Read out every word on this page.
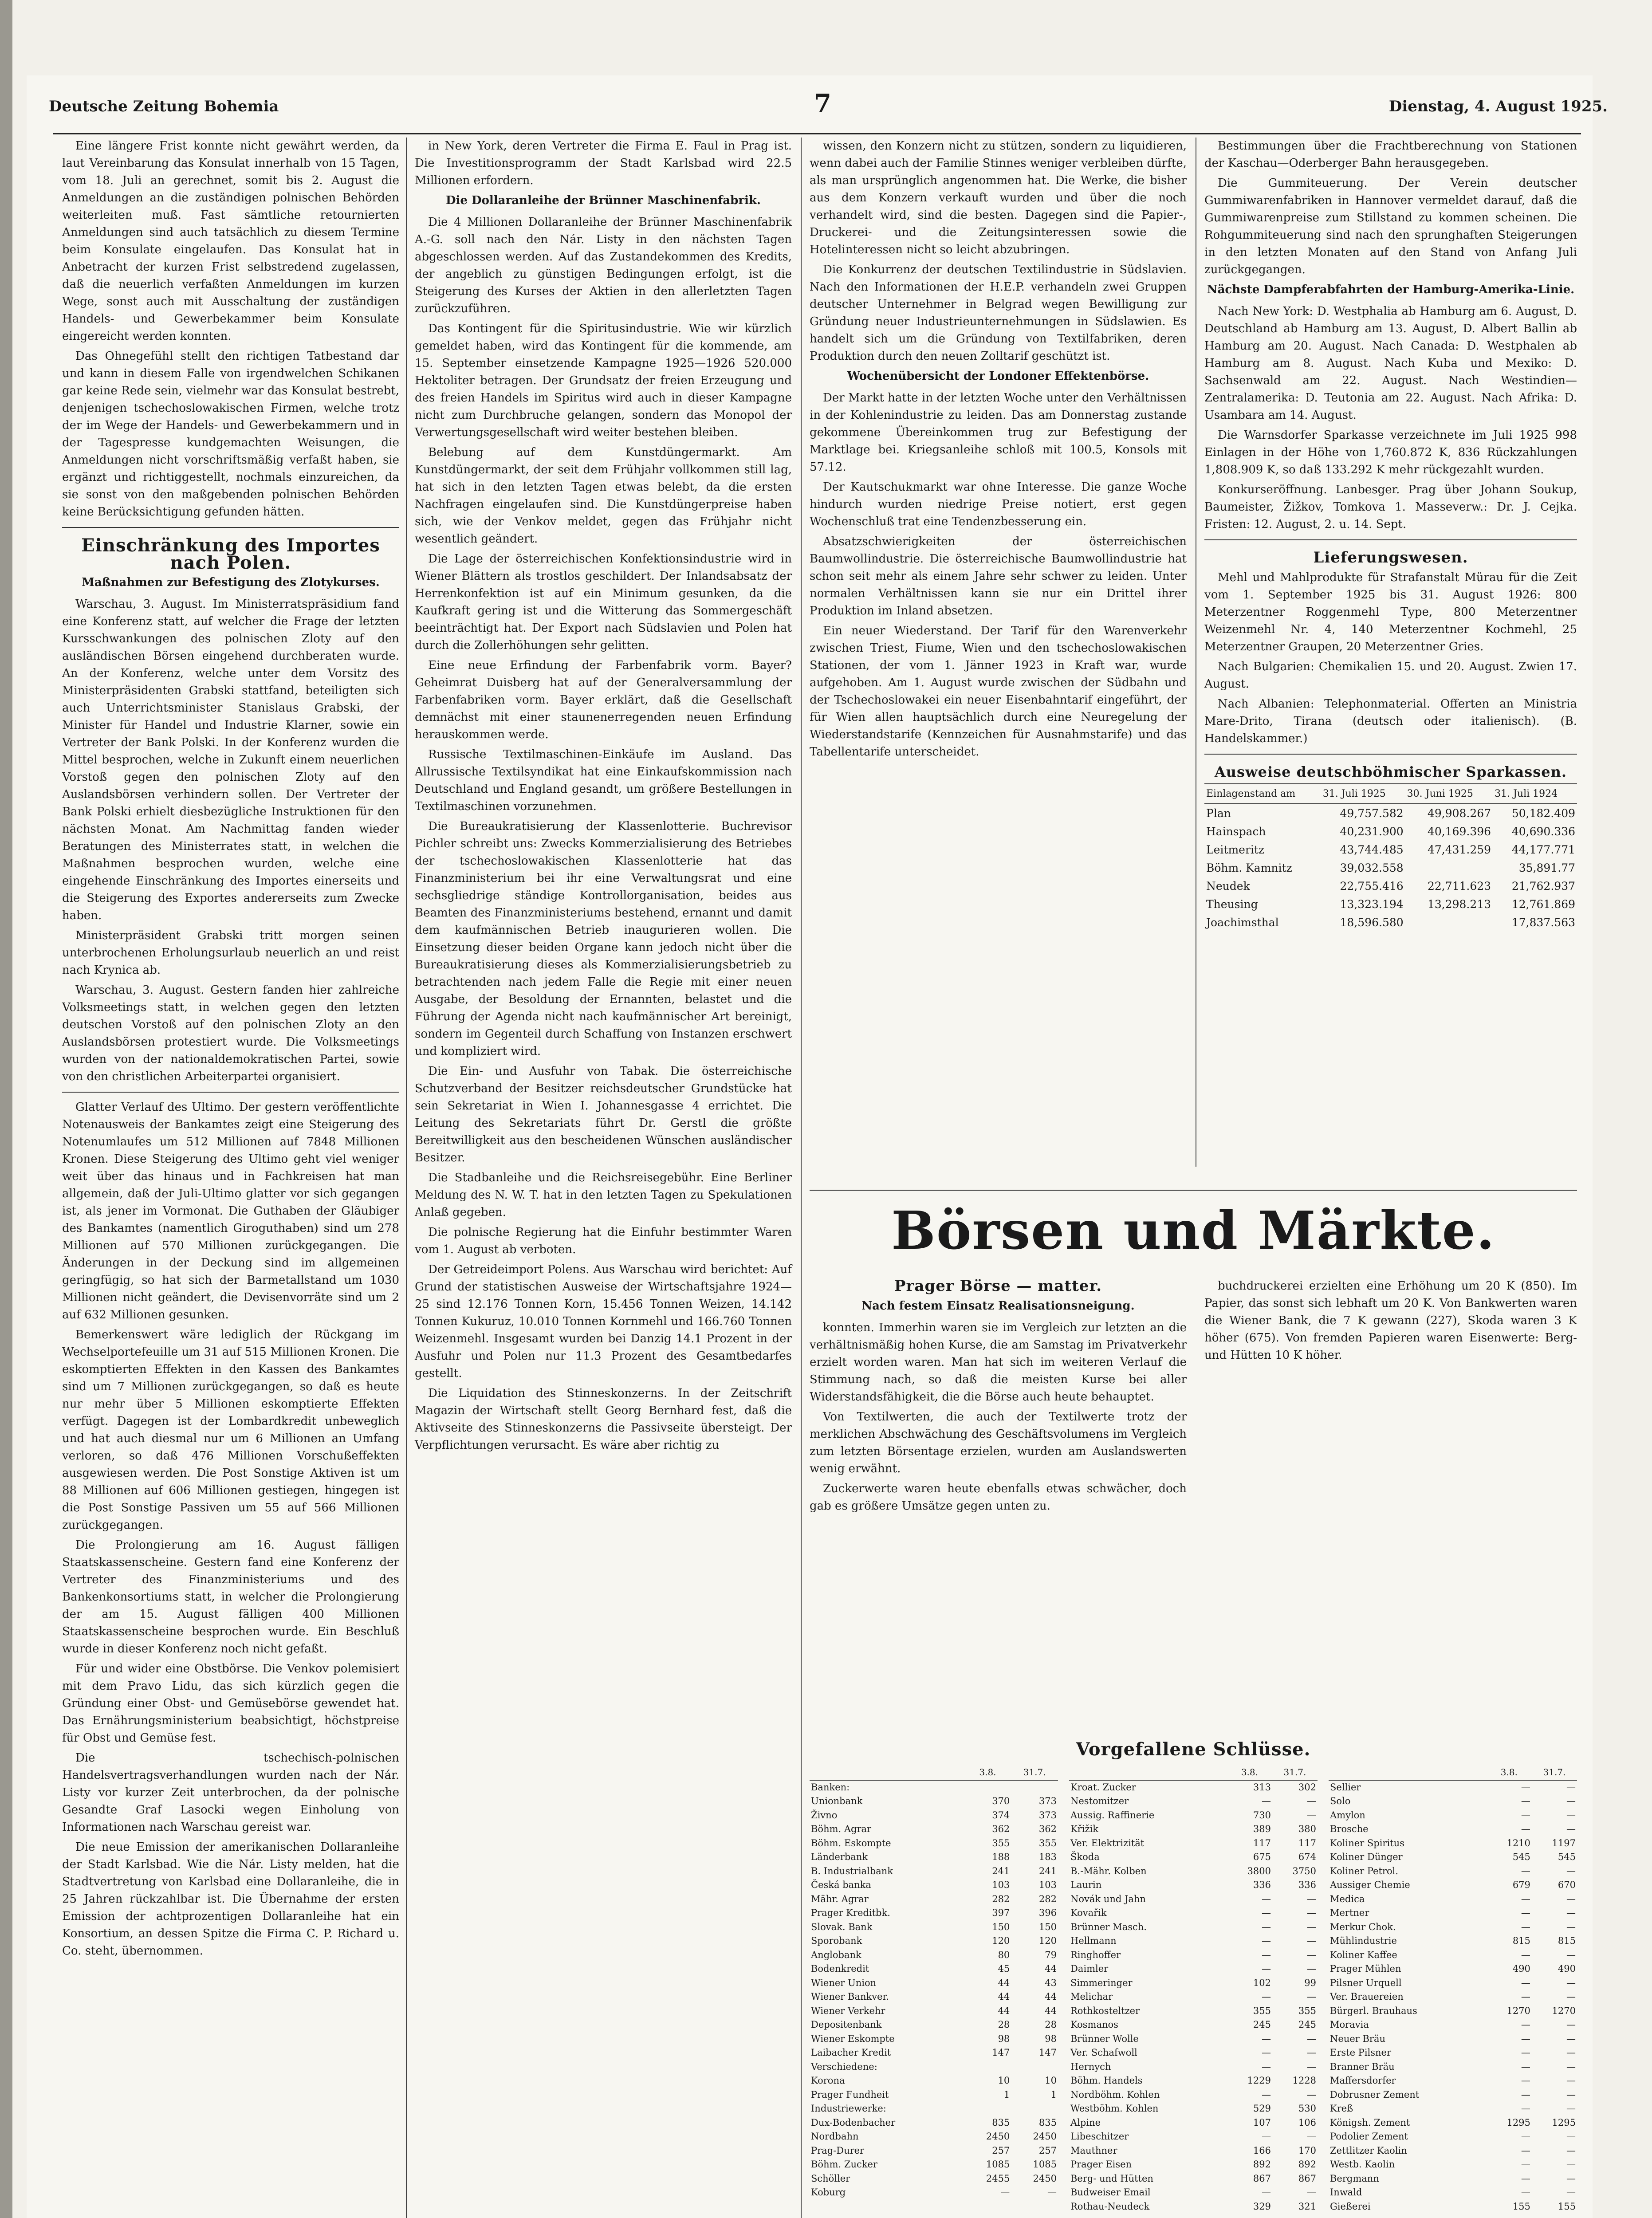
Deutsche Zeitung Bohemia	7	Dienstag, 4. August 1925.

Eine längere Frist konnte nicht gewährt werden, da laut Vereinbarung das Konsulat innerhalb von 15 Tagen, vom 18. Juli an gerechnet, somit bis 2. August die Anmeldungen an die zuständigen polnischen Behörden weiterleiten muß. Fast sämtliche retournierten Anmeldungen sind auch tatsächlich zu diesem Termine beim Konsulate eingelaufen. Das Konsulat hat in Anbetracht der kurzen Frist selbstredend zugelassen, daß die neuerlich verfaßten Anmeldungen im kurzen Wege, sonst auch mit Ausschaltung der zuständigen Handels- und Gewerbekammer beim Konsulate eingereicht werden konnten.

Das Ohnegefühl stellt den richtigen Tatbestand dar und kann in diesem Falle von irgendwelchen Schikanen gar keine Rede sein, vielmehr war das Konsulat bestrebt, denjenigen tschechoslowakischen Firmen, welche trotz der im Wege der Handels- und Gewerbekammern und in der Tagespresse kundgemachten Weisungen, die Anmeldungen nicht vorschriftsmäßig verfaßt haben, sie ergänzt und richtiggestellt, nochmals einzureichen, da sie sonst von den maßgebenden polnischen Behörden keine Berücksichtigung gefunden hätten.

Einschränkung des Importes nach Polen.
Maßnahmen zur Befestigung des Zlotykurses.

Warschau, 3. August. Im Ministerratspräsidium fand eine Konferenz statt, auf welcher die Frage der letzten Kursschwankungen des polnischen Zloty auf den ausländischen Börsen eingehend durchberaten wurde. An der Konferenz, welche unter dem Vorsitz des Ministerpräsidenten Grabski stattfand, beteiligten sich auch Unterrichtsminister Stanislaus Grabski, der Minister für Handel und Industrie Klarner, sowie ein Vertreter der Bank Polski. In der Konferenz wurden die Mittel besprochen, welche in Zukunft einem neuerlichen Vorstoß gegen den polnischen Zloty auf den Auslandsbörsen verhindern sollen. Der Vertreter der Bank Polski erhielt diesbezügliche Instruktionen für den nächsten Monat. Am Nachmittag fanden wieder Beratungen des Ministerrates statt, in welchen die Maßnahmen besprochen wurden, welche eine eingehende Einschränkung des Importes einerseits und die Steigerung des Exportes andererseits zum Zwecke haben.

Ministerpräsident Grabski tritt morgen seinen unterbrochenen Erholungsurlaub neuerlich an und reist nach Krynica ab.

Warschau, 3. August. Gestern fanden hier zahlreiche Volksmeetings statt, in welchen gegen den letzten deutschen Vorstoß auf den polnischen Zloty an den Auslandsbörsen protestiert wurde. Die Volksmeetings wurden von der nationaldemokratischen Partei, sowie von den christlichen Arbeiterpartei organisiert.

Glatter Verlauf des Ultimo. Der gestern veröffentlichte Notenausweis der Bankamtes zeigt eine Steigerung des Notenumlaufes um 512 Millionen auf 7848 Millionen Kronen. Diese Steigerung des Ultimo geht viel weniger weit über das hinaus und in Fachkreisen hat man allgemein, daß der Juli-Ultimo glatter vor sich gegangen ist, als jener im Vormonat. Die Guthaben der Gläubiger des Bankamtes (namentlich Giroguthaben) sind um 278 Millionen auf 570 Millionen zurückgegangen. Die Änderungen in der Deckung sind im allgemeinen geringfügig, so hat sich der Barmetallstand um 1030 Millionen nicht geändert, die Devisenvorräte sind um 2 auf 632 Millionen gesunken.

Bemerkenswert wäre lediglich der Rückgang im Wechselportefeuille um 31 auf 515 Millionen Kronen. Die eskomptierten Effekten in den Kassen des Bankamtes sind um 7 Millionen zurückgegangen, so daß es heute nur mehr über 5 Millionen eskomptierte Effekten verfügt. Dagegen ist der Lombardkredit unbeweglich und hat auch diesmal nur um 6 Millionen an Umfang verloren, so daß 476 Millionen Vorschußeffekten ausgewiesen werden. Die Post Sonstige Aktiven ist um 88 Millionen auf 606 Millionen gestiegen, hingegen ist die Post Sonstige Passiven um 55 auf 566 Millionen zurückgegangen.

Die Prolongierung am 16. August fälligen Staatskassenscheine. Gestern fand eine Konferenz der Vertreter des Finanzministeriums und des Bankenkonsortiums statt, in welcher die Prolongierung der am 15. August fälligen 400 Millionen Staatskassenscheine besprochen wurde. Ein Beschluß wurde in dieser Konferenz noch nicht gefaßt.

Für und wider eine Obstbörse. Die Venkov polemisiert mit dem Pravo Lidu, das sich kürzlich gegen die Gründung einer Obst- und Gemüsebörse gewendet hat. Das Ernährungsministerium beabsichtigt, höchstpreise für Obst und Gemüse fest.

Die tschechisch-polnischen Handelsvertragsverhandlungen wurden nach der Nár. Listy vor kurzer Zeit unterbrochen, da der polnische Gesandte Graf Lasocki wegen Einholung von Informationen nach Warschau gereist war.

Die neue Emission der amerikanischen Dollaranleihe der Stadt Karlsbad. Wie die Nár. Listy melden, hat die Stadtvertretung von Karlsbad eine Dollaranleihe, die in 25 Jahren rückzahlbar ist. Die Übernahme der ersten Emission der achtprozentigen Dollaranleihe hat ein Konsortium, an dessen Spitze die Firma C. P. Richard u. Co. steht, übernommen.

in New York, deren Vertreter die Firma E. Faul in Prag ist. Die Investitionsprogramm der Stadt Karlsbad wird 22.5 Millionen erfordern.

Die Dollaranleihe der Brünner Maschinenfabrik.

Die 4 Millionen Dollaranleihe der Brünner Maschinenfabrik A.-G. soll nach den Nár. Listy in den nächsten Tagen abgeschlossen werden. Auf das Zustandekommen des Kredits, der angeblich zu günstigen Bedingungen erfolgt, ist die Steigerung des Kurses der Aktien in den allerletzten Tagen zurückzuführen.

Das Kontingent für die Spiritusindustrie. Wie wir kürzlich gemeldet haben, wird das Kontingent für die kommende, am 15. September einsetzende Kampagne 1925—1926 520.000 Hektoliter betragen. Der Grundsatz der freien Erzeugung und des freien Handels im Spiritus wird auch in dieser Kampagne nicht zum Durchbruche gelangen, sondern das Monopol der Verwertungsgesellschaft wird weiter bestehen bleiben.

Belebung auf dem Kunstdüngermarkt. Am Kunstdüngermarkt, der seit dem Frühjahr vollkommen still lag, hat sich in den letzten Tagen etwas belebt, da die ersten Nachfragen eingelaufen sind. Die Kunstdüngerpreise haben sich, wie der Venkov meldet, gegen das Frühjahr nicht wesentlich geändert.

Die Lage der österreichischen Konfektionsindustrie wird in Wiener Blättern als trostlos geschildert. Der Inlandsabsatz der Herrenkonfektion ist auf ein Minimum gesunken, da die Kaufkraft gering ist und die Witterung das Sommergeschäft beeinträchtigt hat. Der Export nach Südslavien und Polen hat durch die Zollerhöhungen sehr gelitten.

Eine neue Erfindung der Farbenfabrik vorm. Bayer? Geheimrat Duisberg hat auf der Generalversammlung der Farbenfabriken vorm. Bayer erklärt, daß die Gesellschaft demnächst mit einer staunenerregenden neuen Erfindung herauskommen werde.

Russische Textilmaschinen-Einkäufe im Ausland. Das Allrussische Textilsyndikat hat eine Einkaufskommission nach Deutschland und England gesandt, um größere Bestellungen in Textilmaschinen vorzunehmen.

Die Bureaukratisierung der Klassenlotterie. Buchrevisor Pichler schreibt uns: Zwecks Kommerzialisierung des Betriebes der tschechoslowakischen Klassenlotterie hat das Finanzministerium bei ihr eine Verwaltungsrat und eine sechsgliedrige ständige Kontrollorganisation, beides aus Beamten des Finanzministeriums bestehend, ernannt und damit dem kaufmännischen Betrieb inaugurieren wollen. Die Einsetzung dieser beiden Organe kann jedoch nicht über die Bureaukratisierung dieses als Kommerzialisierungsbetrieb zu betrachtenden nach jedem Falle die Regie mit einer neuen Ausgabe, der Besoldung der Ernannten, belastet und die Führung der Agenda nicht nach kaufmännischer Art bereinigt, sondern im Gegenteil durch Schaffung von Instanzen erschwert und kompliziert wird.

Die Ein- und Ausfuhr von Tabak. Die österreichische Schutzverband der Besitzer reichsdeutscher Grundstücke hat sein Sekretariat in Wien I. Johannesgasse 4 errichtet. Die Leitung des Sekretariats führt Dr. Gerstl die größte Bereitwilligkeit aus den bescheidenen Wünschen ausländischer Besitzer.

Die Stadbanleihe und die Reichsreisegebühr. Eine Berliner Meldung des N. W. T. hat in den letzten Tagen zu Spekulationen Anlaß gegeben.

Die polnische Regierung hat die Einfuhr bestimmter Waren vom 1. August ab verboten.

Der Getreideimport Polens. Aus Warschau wird berichtet: Auf Grund der statistischen Ausweise der Wirtschaftsjahre 1924—25 sind 12.176 Tonnen Korn, 15.456 Tonnen Weizen, 14.142 Tonnen Kukuruz, 10.010 Tonnen Kornmehl und 166.760 Tonnen Weizenmehl. Insgesamt wurden bei Danzig 14.1 Prozent in der Ausfuhr und Polen nur 11.3 Prozent des Gesamtbedarfes gestellt.

Die Liquidation des Stinneskonzerns. In der Zeitschrift Magazin der Wirtschaft stellt Georg Bernhard fest, daß die Aktivseite des Stinneskonzerns die Passivseite übersteigt. Der Verpflichtungen verursacht. Es wäre aber richtig zu

wissen, den Konzern nicht zu stützen, sondern zu liquidieren, wenn dabei auch der Familie Stinnes weniger verbleiben dürfte, als man ursprünglich angenommen hat. Die Werke, die bisher aus dem Konzern verkauft wurden und über die noch verhandelt wird, sind die besten. Dagegen sind die Papier-, Druckerei- und die Zeitungsinteressen sowie die Hotelinteressen nicht so leicht abzubringen.

Die Konkurrenz der deutschen Textilindustrie in Südslavien. Nach den Informationen der H.E.P. verhandeln zwei Gruppen deutscher Unternehmer in Belgrad wegen Bewilligung zur Gründung neuer Industrieunternehmungen in Südslawien. Es handelt sich um die Gründung von Textilfabriken, deren Produktion durch den neuen Zolltarif geschützt ist.

Wochenübersicht der Londoner Effektenbörse.

Der Markt hatte in der letzten Woche unter den Verhältnissen in der Kohlenindustrie zu leiden. Das am Donnerstag zustande gekommene Übereinkommen trug zur Befestigung der Marktlage bei. Kriegsanleihe schloß mit 100.5, Konsols mit 57.12.

Der Kautschukmarkt war ohne Interesse. Die ganze Woche hindurch wurden niedrige Preise notiert, erst gegen Wochenschluß trat eine Tendenzbesserung ein.

Absatzschwierigkeiten der österreichischen Baumwollindustrie. Die österreichische Baumwollindustrie hat schon seit mehr als einem Jahre sehr schwer zu leiden. Unter normalen Verhältnissen kann sie nur ein Drittel ihrer Produktion im Inland absetzen.

Ein neuer Wiederstand. Der Tarif für den Warenverkehr zwischen Triest, Fiume, Wien und den tschechoslowakischen Stationen, der vom 1. Jänner 1923 in Kraft war, wurde aufgehoben. Am 1. August wurde zwischen der Südbahn und der Tschechoslowakei ein neuer Eisenbahntarif eingeführt, der für Wien allen hauptsächlich durch eine Neuregelung der Wiederstandstarife (Kennzeichen für Ausnahmstarife) und das Tabellentarife unterscheidet.

Bestimmungen über die Frachtberechnung von Stationen der Kaschau—Oderberger Bahn herausgegeben.

Die Gummiteuerung. Der Verein deutscher Gummiwarenfabriken in Hannover vermeldet darauf, daß die Gummiwarenpreise zum Stillstand zu kommen scheinen. Die Rohgummiteuerung sind nach den sprunghaften Steigerungen in den letzten Monaten auf den Stand von Anfang Juli zurückgegangen.

Nächste Dampferabfahrten der Hamburg-Amerika-Linie.

Nach New York: D. Westphalia ab Hamburg am 6. August, D. Deutschland ab Hamburg am 13. August, D. Albert Ballin ab Hamburg am 20. August. Nach Canada: D. Westphalen ab Hamburg am 8. August. Nach Kuba und Mexiko: D. Sachsenwald am 22. August. Nach Westindien—Zentralamerika: D. Teutonia am 22. August. Nach Afrika: D. Usambara am 14. August.

Die Warnsdorfer Sparkasse verzeichnete im Juli 1925 998 Einlagen in der Höhe von 1,760.872 K, 836 Rückzahlungen 1,808.909 K, so daß 133.292 K mehr rückgezahlt wurden.

Konkurseröffnung. Lanbesger. Prag über Johann Soukup, Baumeister, Žižkov, Tomkova 1. Masseverw.: Dr. J. Cejka. Fristen: 12. August, 2. u. 14. Sept.

Lieferungswesen.

Mehl und Mahlprodukte für Strafanstalt Mürau für die Zeit vom 1. September 1925 bis 31. August 1926: 800 Meterzentner Roggenmehl Type, 800 Meterzentner Weizenmehl Nr. 4, 140 Meterzentner Kochmehl, 25 Meterzentner Graupen, 20 Meterzentner Gries.

Nach Bulgarien: Chemikalien 15. und 20. August. Zwien 17. August.

Nach Albanien: Telephonmaterial. Offerten an Ministria Mare-Drito, Tirana (deutsch oder italienisch). (B. Handelskammer.)

Ausweise deutschböhmischer Sparkassen.
Einlagenstand am	31. Juli 1925	30. Juni 1925	31. Juli 1924
Plan	49,757.582	49,908.267	50,182.409
Hainspach	40,231.900	40,169.396	40,690.336
Leitmeritz	43,744.485	47,431.259	44,177.771
Böhm. Kamnitz	39,032.558		35,891.77
Neudek	22,755.416	22,711.623	21,762.937
Theusing	13,323.194	13,298.213	12,761.869
Joachimsthal	18,596.580		17,837.563
Börsen und Märkte.
Prager Börse — matter.
Nach festem Einsatz Realisationsneigung.

konnten. Immerhin waren sie im Vergleich zur letzten an die verhältnismäßig hohen Kurse, die am Samstag im Privatverkehr erzielt worden waren. Man hat sich im weiteren Verlauf die Stimmung nach, so daß die meisten Kurse bei aller Widerstandsfähigkeit, die die Börse auch heute behauptet.

Von Textilwerten, die auch der Textilwerte trotz der merklichen Abschwächung des Geschäftsvolumens im Vergleich zum letzten Börsentage erzielen, wurden am Auslandswerten wenig erwähnt.

Zuckerwerte waren heute ebenfalls etwas schwächer, doch gab es größere Umsätze gegen unten zu.

buchdruckerei erzielten eine Erhöhung um 20 K (850). Im Papier, das sonst sich lebhaft um 20 K. Von Bankwerten waren die Wiener Bank, die 7 K gewann (227), Skoda waren 3 K höher (675). Von fremden Papieren waren Eisenwerte: Berg- und Hütten 10 K höher.

Vorgefallene Schlüsse.
	3.8.	31.7.
Banken:		
Unionbank	370	373
Živno	374	373
Böhm. Agrar	362	362
Böhm. Eskompte	355	355
Länderbank	188	183
B. Industrialbank	241	241
Česká banka	103	103
Mähr. Agrar	282	282
Prager Kreditbk.	397	396
Slovak. Bank	150	150
Sporobank	120	120
Anglobank	80	79
Bodenkredit	45	44
Wiener Union	44	43
Wiener Bankver.	44	44
Wiener Verkehr	44	44
Depositenbank	28	28
Wiener Eskompte	98	98
Laibacher Kredit	147	147
Verschiedene:		
Korona	10	10
Prager Fundheit	1	1
Industriewerke:		
Dux-Bodenbacher	835	835
Nordbahn	2450	2450
Prag-Durer	257	257
Böhm. Zucker	1085	1085
Schöller	2455	2450
Koburg	—	—
	3.8.	31.7.
Kroat. Zucker	313	302
Nestomitzer	—	—
Aussig. Raffinerie	730	—
Křižik	389	380
Ver. Elektrizität	117	117
Škoda	675	674
B.-Mähr. Kolben	3800	3750
Laurin	336	336
Novák und Jahn	—	—
Kovařik	—	—
Brünner Masch.	—	—
Hellmann	—	—
Ringhoffer	—	—
Daimler	—	—
Simmeringer	102	99
Melichar	—	—
Rothkosteltzer	355	355
Kosmanos	245	245
Brünner Wolle	—	—
Ver. Schafwoll	—	—
Hernych	—	—
Böhm. Handels	1229	1228
Nordböhm. Kohlen	—	—
Westböhm. Kohlen	529	530
Alpine	107	106
Libeschitzer	—	—
Mauthner	166	170
Prager Eisen	892	892
Berg- und Hütten	867	867
Budweiser Email	—	—
Rothau-Neudeck	329	321
	3.8.	31.7.
Sellier	—	—
Solo	—	—
Amylon	—	—
Brosche	—	—
Koliner Spiritus	1210	1197
Koliner Dünger	545	545
Koliner Petrol.	—	—
Aussiger Chemie	679	670
Medica	—	—
Mertner	—	—
Merkur Chok.	—	—
Mühlindustrie	815	815
Koliner Kaffee	—	—
Prager Mühlen	490	490
Pilsner Urquell	—	—
Ver. Brauereien	—	—
Bürgerl. Brauhaus	1270	1270
Moravia	—	—
Neuer Bräu	—	—
Erste Pilsner	—	—
Branner Bräu	—	—
Maffersdorfer	—	—
Dobrusner Zement	—	—
Kreß	—	—
Königsh. Zement	1295	1295
Podolier Zement	—	—
Zettlitzer Kaolin	—	—
Westb. Kaolin	—	—
Bergmann	—	—
Inwald	—	—
Gießerei	155	155
